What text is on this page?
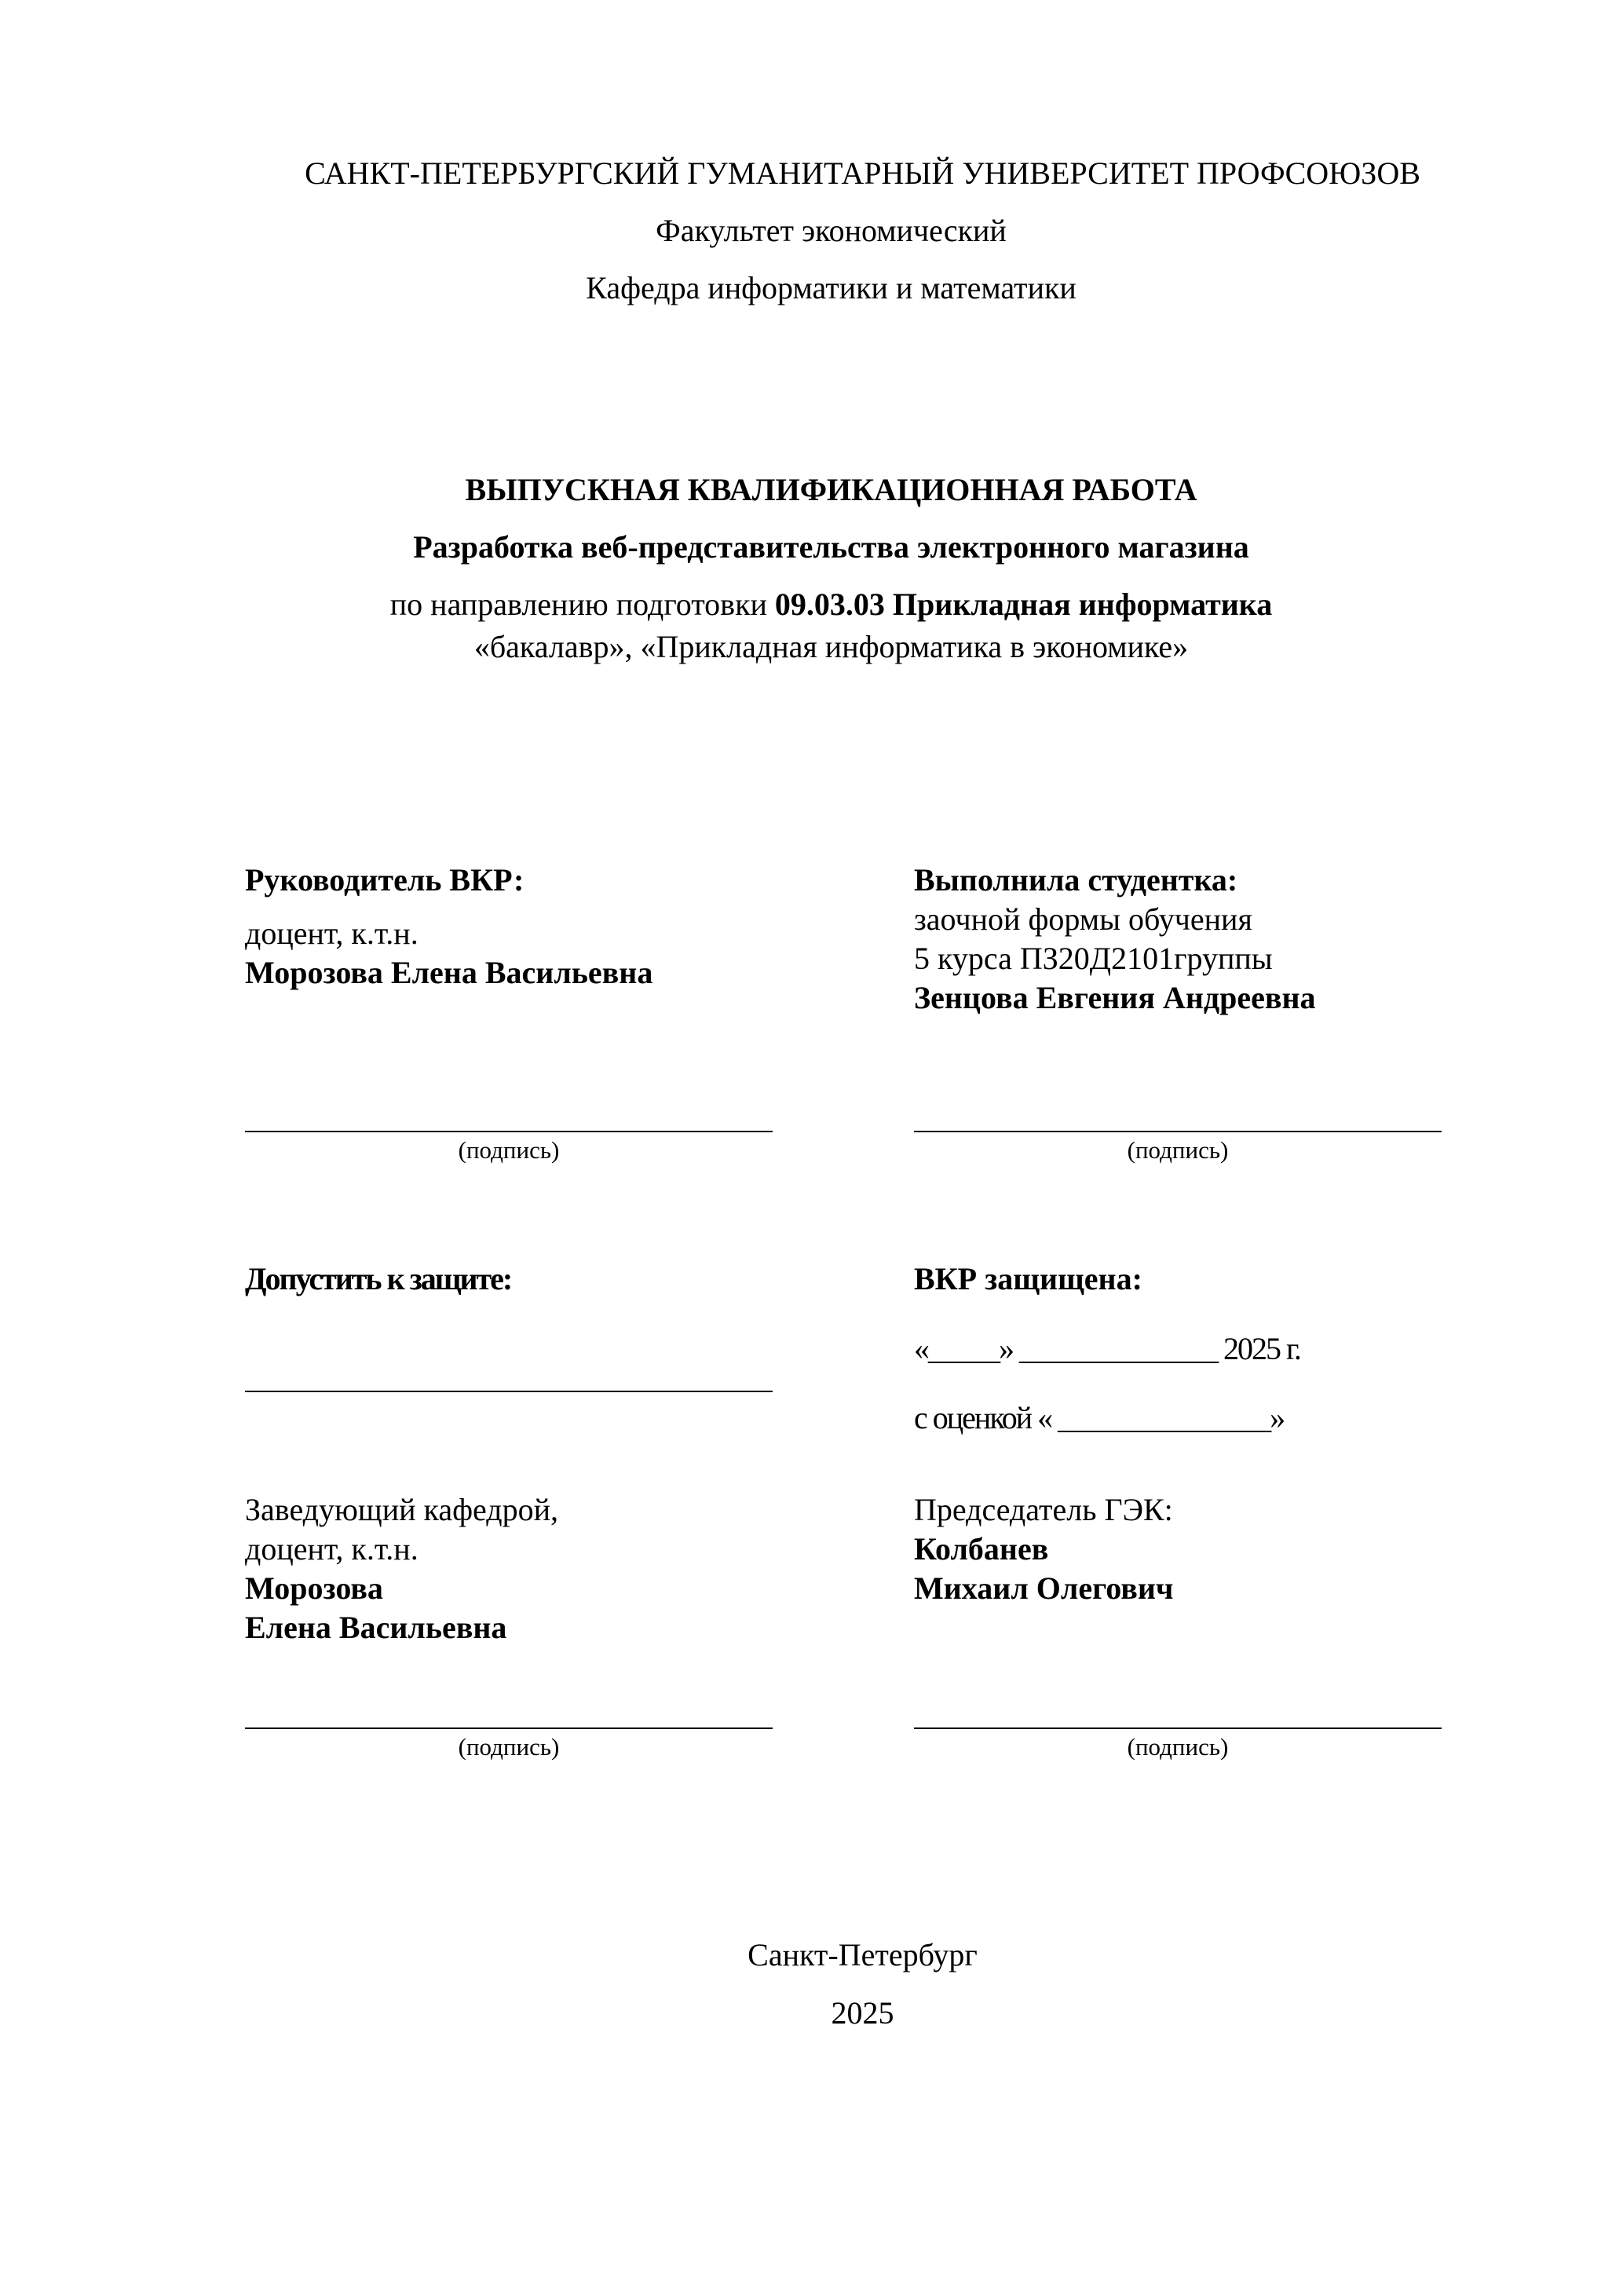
САНКТ-ПЕТЕРБУРГСКИЙ ГУМАНИТАРНЫЙ УНИВЕРСИТЕТ ПРОФСОЮЗОВ
Факультет экономический
Кафедра информатики и математики
ВЫПУСКНАЯ КВАЛИФИКАЦИОННАЯ РАБОТА
Разработка веб-представительства электронного магазина
по направлению подготовки 09.03.03 Прикладная информатика
«бакалавр», «Прикладная информатика в экономике»
Руководитель ВКР:
доцент, к.т.н.
Морозова Елена Васильевна
Выполнила студентка:
заочной формы обучения
5 курса ПЗ20Д2101группы
Зенцова Евгения Андреевна
(подпись)	(подпись)
Допустить к защите:	ВКР защищена:
«_____» ______________ 2025 г.
с оценкой « _______________»
Заведующий кафедрой,
доцент, к.т.н.
Морозова
Елена Васильевна
Председатель ГЭК:
Колбанев
Михаил Олегович
(подпись)	(подпись)
Санкт-Петербург
2025
